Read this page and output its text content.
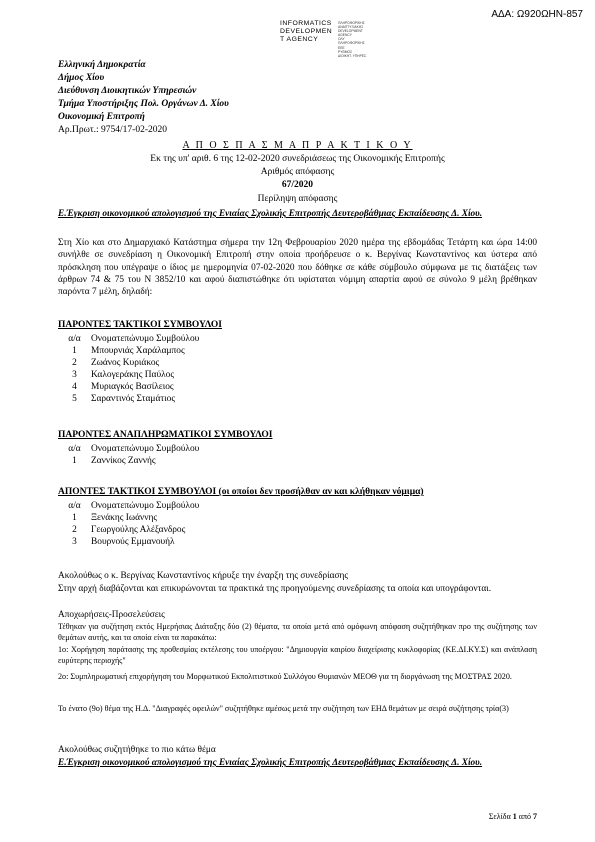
ΑΔΑ: Ω920ΩΗΝ-857
INFORMATICS
DEVELOPMEN
T AGENCY
ΠΛΗΡΟΦΟΡΙΚΗΣ
ΑΝΑΠΤΥΞΙΑΚΗΣ
DEVELOPMENT AGENCY
ΟΛΥ ΠΛΗΡΟΦΟΡΙΚΗΣ
ΕΕΕ
ΡΥΘΜΟΣ
ΔΙΟΙΚΗΤ. ΥΠΗΡΕΣ.
Ελληνική Δημοκρατία
Δήμος Χίου
Διεύθυνση Διοικητικών Υπηρεσιών
Τμήμα Υποστήριξης Πολ. Οργάνων Δ. Χίου
Οικονομική Επιτροπή
Αρ.Πρωτ.: 9754/17-02-2020
Α Π Ο Σ Π Α Σ Μ Α Π Ρ Α Κ Τ Ι Κ Ο Υ
Εκ της υπ' αριθ. 6 της 12-02-2020 συνεδριάσεως της Οικονομικής Επιτροπής
Αριθμός απόφασης
67/2020
Περίληψη απόφασης
Ε.Έγκριση οικονομικού απολογισμού της Ενιαίας Σχολικής Επιτροπής Δευτεροβάθμιας Εκπαίδευσης Δ. Χίου.
Στη Χίο και στο Δημαρχιακό Κατάστημα σήμερα την 12η Φεβρουαρίου 2020 ημέρα της εβδομάδας Τετάρτη και ώρα 14:00 συνήλθε σε συνεδρίαση η Οικονομική Επιτροπή στην οποία προήδρευσε ο κ. Βεργίνας Κωνσταντίνος και ύστερα από πρόσκληση που υπέγραψε ο ίδιος με ημερομηνία 07-02-2020 που δόθηκε σε κάθε σύμβουλο σύμφωνα με τις διατάξεις των άρθρων 74 & 75 του Ν 3852/10 και αφού διαπιστώθηκε ότι υφίσταται νόμιμη απαρτία αφού σε σύνολο 9 μέλη βρέθηκαν παρόντα 7 μέλη, δηλαδή:
ΠΑΡΟΝΤΕΣ ΤΑΚΤΙΚΟΙ ΣΥΜΒΟΥΛΟΙ
α/α	Ονοματεπώνυμο Συμβούλου
1	Μπουρνιάς Χαράλαμπος
2	Ζωάνος Κυριάκος
3	Καλογεράκης Παύλος
4	Μυριαγκός Βασίλειος
5	Σαραντινός Σταμάτιος
ΠΑΡΟΝΤΕΣ ΑΝΑΠΛΗΡΩΜΑΤΙΚΟΙ ΣΥΜΒΟΥΛΟΙ
α/α	Ονοματεπώνυμο Συμβούλου
1	Ζαννίκος Ζαννής
ΑΠΟΝΤΕΣ ΤΑΚΤΙΚΟΙ ΣΥΜΒΟΥΛΟΙ (οι οποίοι δεν προσήλθαν αν και κλήθηκαν νόμιμα)
α/α	Ονοματεπώνυμο Συμβούλου
1	Ξενάκης Ιωάννης
2	Γεωργούλης Αλέξανδρος
3	Βουρνούς Εμμανουήλ
Ακολούθως ο κ. Βεργίνας Κωνσταντίνος κήρυξε την έναρξη της συνεδρίασης
Στην αρχή διαβάζονται και επικυρώνονται τα πρακτικά της προηγούμενης συνεδρίασης τα οποία και υπογράφονται.
Αποχωρήσεις-Προσελεύσεις
Τέθηκαν για συζήτηση εκτός Ημερήσιας Διάταξης δύο (2) θέματα, τα οποία μετά από ομόφωνη απόφαση συζητήθηκαν προ της συζήτησης των θεμάτων αυτής, και τα οποία είναι τα παρακάτω:
1ο: Χορήγηση παράτασης της προθεσμίας εκτέλεσης του υποέργου: "Δημιουργία καιρίου διαχείρισης κυκλοφορίας (ΚΕ.ΔΙ.ΚΥ.Σ) και ανάπλαση ευρύτερης περιοχής"
2ο: Συμπληρωματική επιχορήγηση του Μορφωτικού Εκπολιτιστικού Συλλόγου Θυμιανών ΜΕΟΘ για τη διοργάνωση της ΜΟΣΤΡΑΣ 2020.
Το ένατο (9ο) θέμα της Η.Δ. "Διαγραφές οφειλών" συζητήθηκε αμέσως μετά την συζήτηση των ΕΗΔ θεμάτων με σειρά συζήτησης τρία(3)
Ακολούθως συζητήθηκε το πιο κάτω θέμα
Ε.Έγκριση οικονομικού απολογισμού της Ενιαίας Σχολικής Επιτροπής Δευτεροβάθμιας Εκπαίδευσης Δ. Χίου.
Σελίδα 1 από 7
